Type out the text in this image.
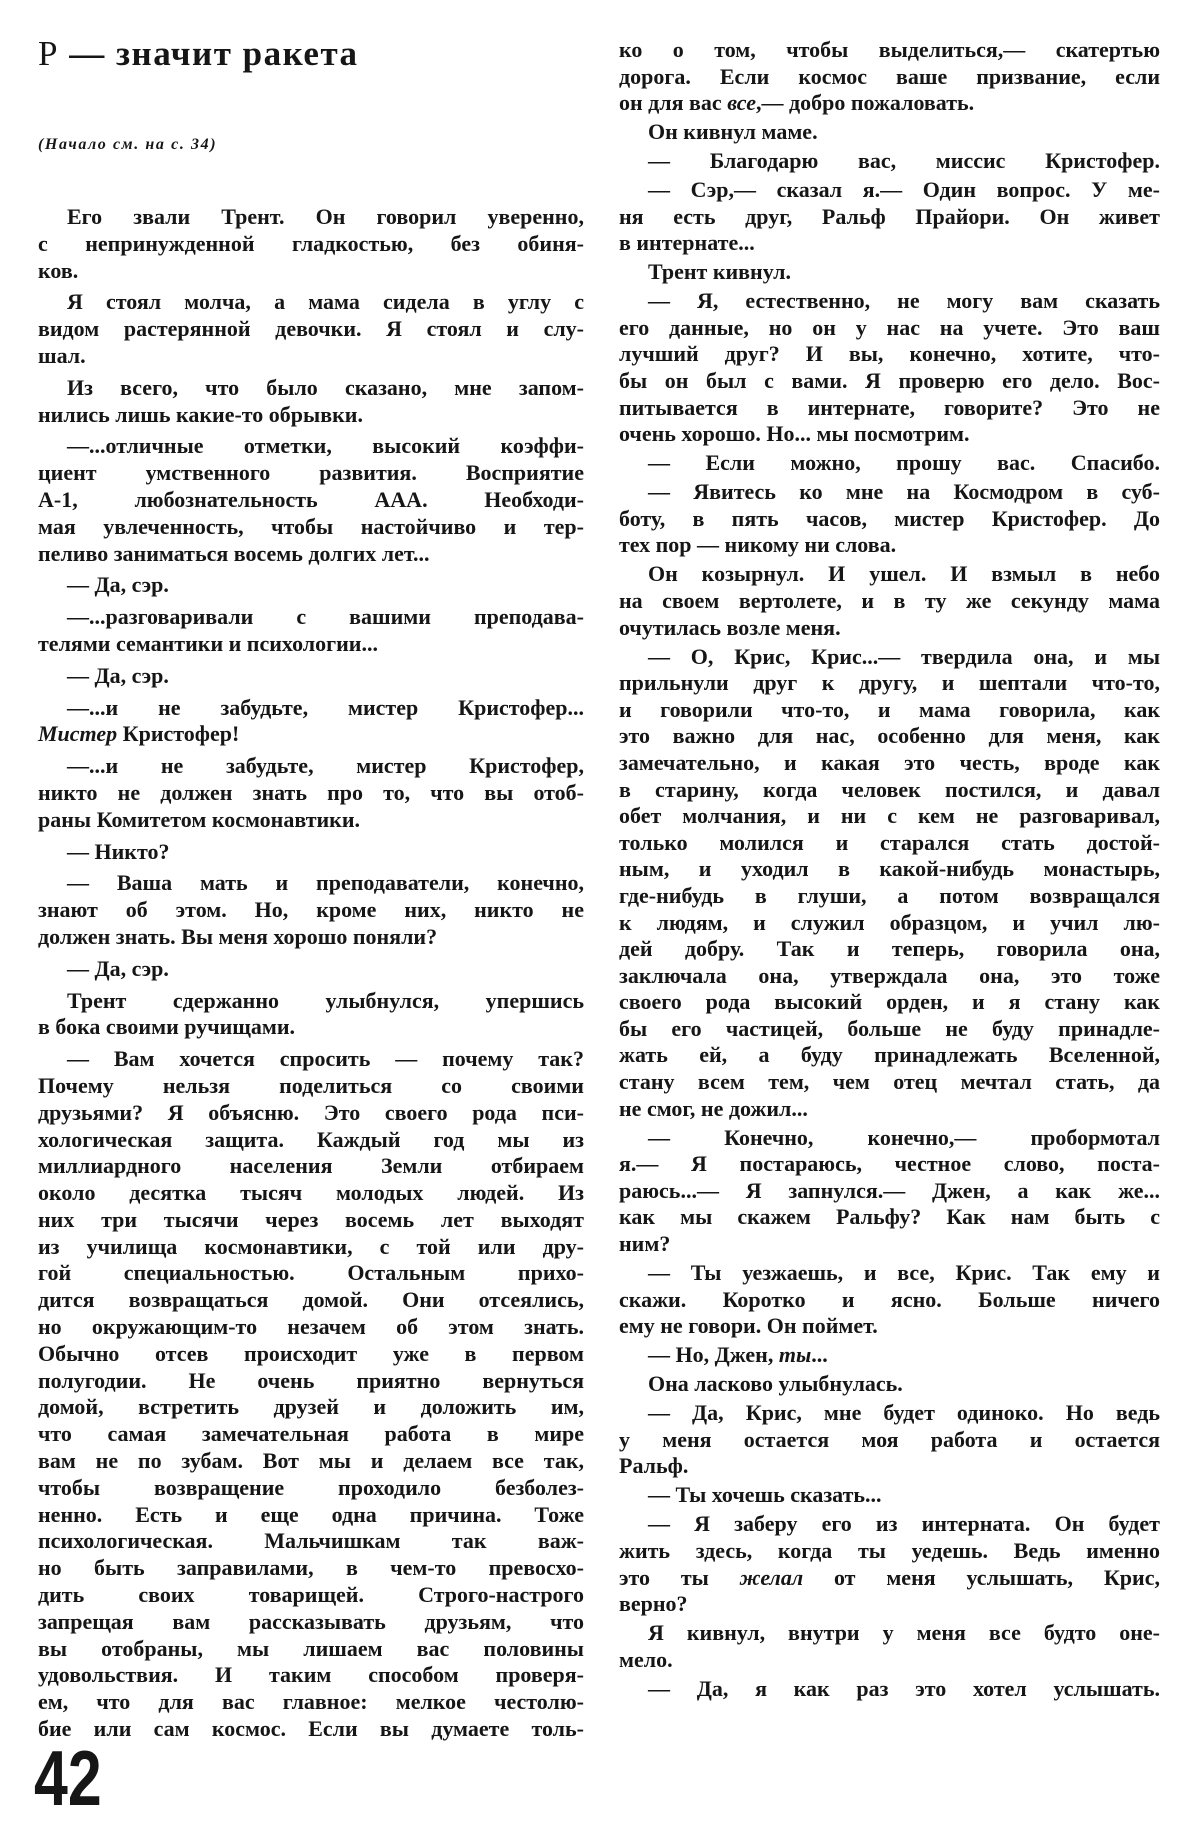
Р — значит ракета
(Начало см. на с. 34)
Его звали Трент. Он говорил уверенно,
с непринужденной гладкостью, без обиня-
ков.
Я стоял молча, а мама сидела в углу с
видом растерянной девочки. Я стоял и слу-
шал.
Из всего, что было сказано, мне запом-
нились лишь какие-то обрывки.
—...отличные отметки, высокий коэффи-
циент умственного развития. Восприятие
А-1, любознательность ААА. Необходи-
мая увлеченность, чтобы настойчиво и тер-
пеливо заниматься восемь долгих лет...
— Да, сэр.
—...разговаривали с вашими преподава-
телями семантики и психологии...
— Да, сэр.
—...и не забудьте, мистер Кристофер...
Мистер Кристофер!
—...и не забудьте, мистер Кристофер,
никто не должен знать про то, что вы отоб-
раны Комитетом космонавтики.
— Никто?
— Ваша мать и преподаватели, конечно,
знают об этом. Но, кроме них, никто не
должен знать. Вы меня хорошо поняли?
— Да, сэр.
Трент сдержанно улыбнулся, упершись
в бока своими ручищами.
— Вам хочется спросить — почему так?
Почему нельзя поделиться со своими
друзьями? Я объясню. Это своего рода пси-
хологическая защита. Каждый год мы из
миллиардного населения Земли отбираем
около десятка тысяч молодых людей. Из
них три тысячи через восемь лет выходят
из училища космонавтики, с той или дру-
гой специальностью. Остальным прихо-
дится возвращаться домой. Они отсеялись,
но окружающим-то незачем об этом знать.
Обычно отсев происходит уже в первом
полугодии. Не очень приятно вернуться
домой, встретить друзей и доложить им,
что самая замечательная работа в мире
вам не по зубам. Вот мы и делаем все так,
чтобы возвращение проходило безболез-
ненно. Есть и еще одна причина. Тоже
психологическая. Мальчишкам так важ-
но быть заправилами, в чем-то превосхо-
дить своих товарищей. Строго-настрого
запрещая вам рассказывать друзьям, что
вы отобраны, мы лишаем вас половины
удовольствия. И таким способом проверя-
ем, что для вас главное: мелкое честолю-
бие или сам космос. Если вы думаете толь-
ко о том, чтобы выделиться,— скатертью
дорога. Если космос ваше призвание, если
он для вас все,— добро пожаловать.
Он кивнул маме.
— Благодарю вас, миссис Кристофер.
— Сэр,— сказал я.— Один вопрос. У ме-
ня есть друг, Ральф Прайори. Он живет
в интернате...
Трент кивнул.
— Я, естественно, не могу вам сказать
его данные, но он у нас на учете. Это ваш
лучший друг? И вы, конечно, хотите, что-
бы он был с вами. Я проверю его дело. Вос-
питывается в интернате, говорите? Это не
очень хорошо. Но... мы посмотрим.
— Если можно, прошу вас. Спасибо.
— Явитесь ко мне на Космодром в суб-
боту, в пять часов, мистер Кристофер. До
тех пор — никому ни слова.
Он козырнул. И ушел. И взмыл в небо
на своем вертолете, и в ту же секунду мама
очутилась возле меня.
— О, Крис, Крис...— твердила она, и мы
прильнули друг к другу, и шептали что-то,
и говорили что-то, и мама говорила, как
это важно для нас, особенно для меня, как
замечательно, и какая это честь, вроде как
в старину, когда человек постился, и давал
обет молчания, и ни с кем не разговаривал,
только молился и старался стать достой-
ным, и уходил в какой-нибудь монастырь,
где-нибудь в глуши, а потом возвращался
к людям, и служил образцом, и учил лю-
дей добру. Так и теперь, говорила она,
заключала она, утверждала она, это тоже
своего рода высокий орден, и я стану как
бы его частицей, больше не буду принадле-
жать ей, а буду принадлежать Вселенной,
стану всем тем, чем отец мечтал стать, да
не смог, не дожил...
— Конечно, конечно,— пробормотал
я.— Я постараюсь, честное слово, поста-
раюсь...— Я запнулся.— Джен, а как же...
как мы скажем Ральфу? Как нам быть с
ним?
— Ты уезжаешь, и все, Крис. Так ему и
скажи. Коротко и ясно. Больше ничего
ему не говори. Он поймет.
— Но, Джен, ты...
Она ласково улыбнулась.
— Да, Крис, мне будет одиноко. Но ведь
у меня остается моя работа и остается
Ральф.
— Ты хочешь сказать...
— Я заберу его из интерната. Он будет
жить здесь, когда ты уедешь. Ведь именно
это ты желал от меня услышать, Крис,
верно?
Я кивнул, внутри у меня все будто оне-
мело.
— Да, я как раз это хотел услышать.
42
